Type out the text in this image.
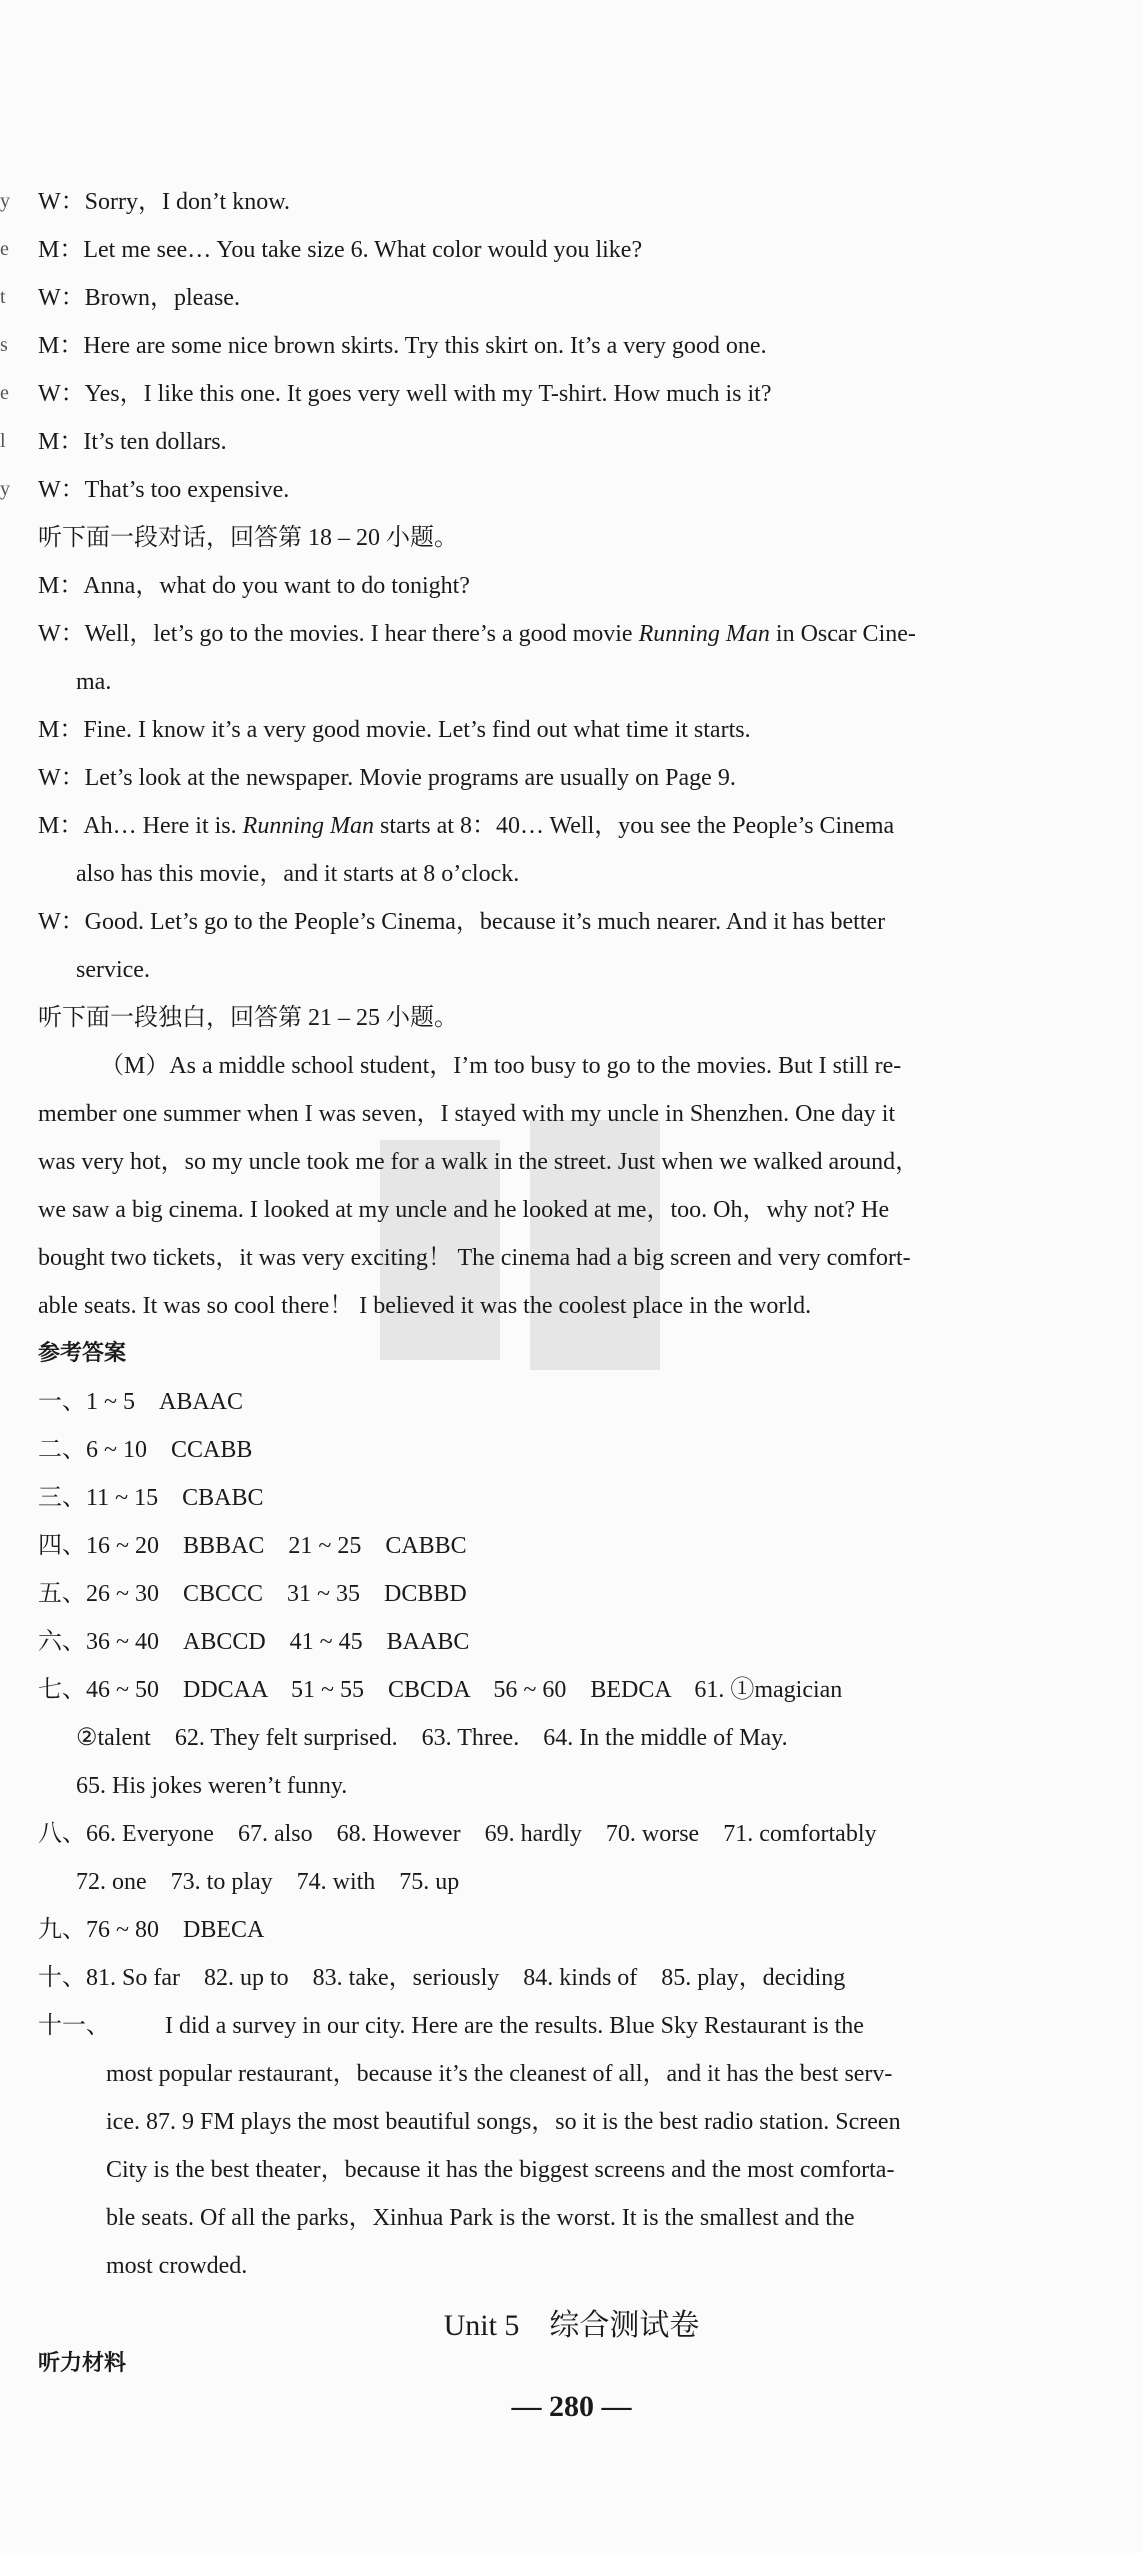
y
e
t
s
e
l
y
W：Sorry，I don’t know.
M：Let me see… You take size 6. What color would you like?
W：Brown，please.
M：Here are some nice brown skirts. Try this skirt on. It’s a very good one.
W：Yes，I like this one. It goes very well with my T-shirt. How much is it?
M：It’s ten dollars.
W：That’s too expensive.
听下面一段对话，回答第 18 – 20 小题。
M：Anna，what do you want to do tonight?
W：Well，let’s go to the movies. I hear there’s a good movie Running Man in Oscar Cine-
ma.
M：Fine. I know it’s a very good movie. Let’s find out what time it starts.
W：Let’s look at the newspaper. Movie programs are usually on Page 9.
M：Ah… Here it is. Running Man starts at 8：40… Well，you see the People’s Cinema
also has this movie，and it starts at 8 o’clock.
W：Good. Let’s go to the People’s Cinema，because it’s much nearer. And it has better
service.
听下面一段独白，回答第 21 – 25 小题。
（M）As a middle school student，I’m too busy to go to the movies. But I still re-
member one summer when I was seven，I stayed with my uncle in Shenzhen. One day it
was very hot，so my uncle took me for a walk in the street. Just when we walked around，
we saw a big cinema. I looked at my uncle and he looked at me，too. Oh，why not? He
bought two tickets，it was very exciting！ The cinema had a big screen and very comfort-
able seats. It was so cool there！ I believed it was the coolest place in the world.
参考答案
一、1 ~ 5　ABAAC
二、6 ~ 10　CCABB
三、11 ~ 15　CBABC
四、16 ~ 20　BBBAC　21 ~ 25　CABBC
五、26 ~ 30　CBCCC　31 ~ 35　DCBBD
六、36 ~ 40　ABCCD　41 ~ 45　BAABC
七、46 ~ 50　DDCAA　51 ~ 55　CBCDA　56 ~ 60　BEDCA　61. ①magician
②talent　62. They felt surprised.　63. Three.　64. In the middle of May.
65. His jokes weren’t funny.
八、66. Everyone　67. also　68. However　69. hardly　70. worse　71. comfortably
72. one　73. to play　74. with　75. up
九、76 ~ 80　DBECA
十、81. So far　82. up to　83. take，seriously　84. kinds of　85. play，deciding
十一、 I did a survey in our city. Here are the results. Blue Sky Restaurant is the
most popular restaurant，because it’s the cleanest of all，and it has the best serv-
ice. 87. 9 FM plays the most beautiful songs，so it is the best radio station. Screen
City is the best theater，because it has the biggest screens and the most comforta-
ble seats. Of all the parks，Xinhua Park is the worst. It is the smallest and the
most crowded.
Unit 5　综合测试卷
听力材料
— 280 —
